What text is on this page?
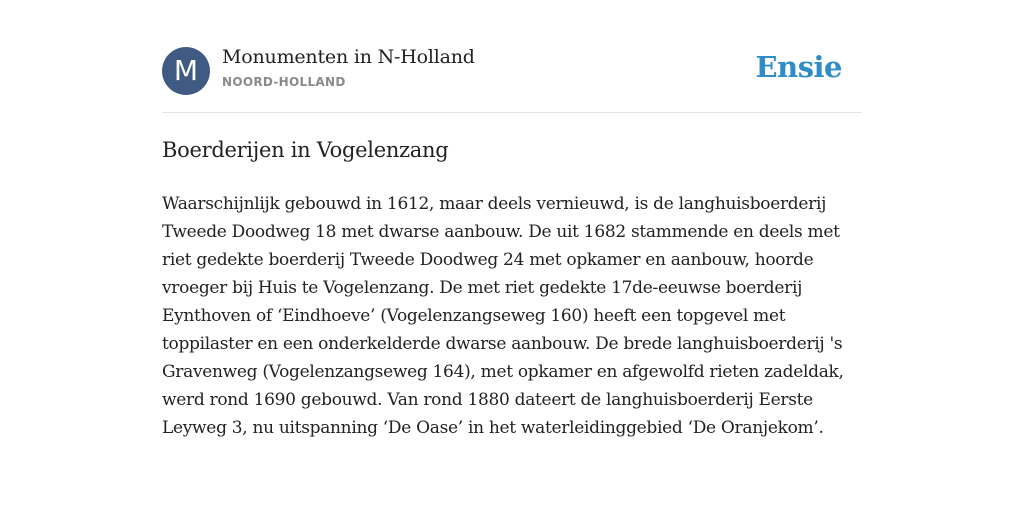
M	Monumenten in N-Holland
NOORD-HOLLAND	Ensie
Boerderijen in Vogelenzang

Waarschijnlijk gebouwd in 1612, maar deels vernieuwd, is de langhuisboerderij Tweede Doodweg 18 met dwarse aanbouw. De uit 1682 stammende en deels met riet gedekte boerderij Tweede Doodweg 24 met opkamer en aanbouw, hoorde vroeger bij Huis te Vogelenzang. De met riet gedekte 17de-eeuwse boerderij Eynthoven of ‘Eindhoeve’ (Vogelenzangseweg 160) heeft een topgevel met toppilaster en een onderkelderde dwarse aanbouw. De brede langhuisboerderij 's Gravenweg (Vogelenzangseweg 164), met opkamer en afgewolfd rieten zadeldak, werd rond 1690 gebouwd. Van rond 1880 dateert de langhuisboerderij Eerste Leyweg 3, nu uitspanning ‘De Oase’ in het waterleidinggebied ‘De Oranjekom’.
